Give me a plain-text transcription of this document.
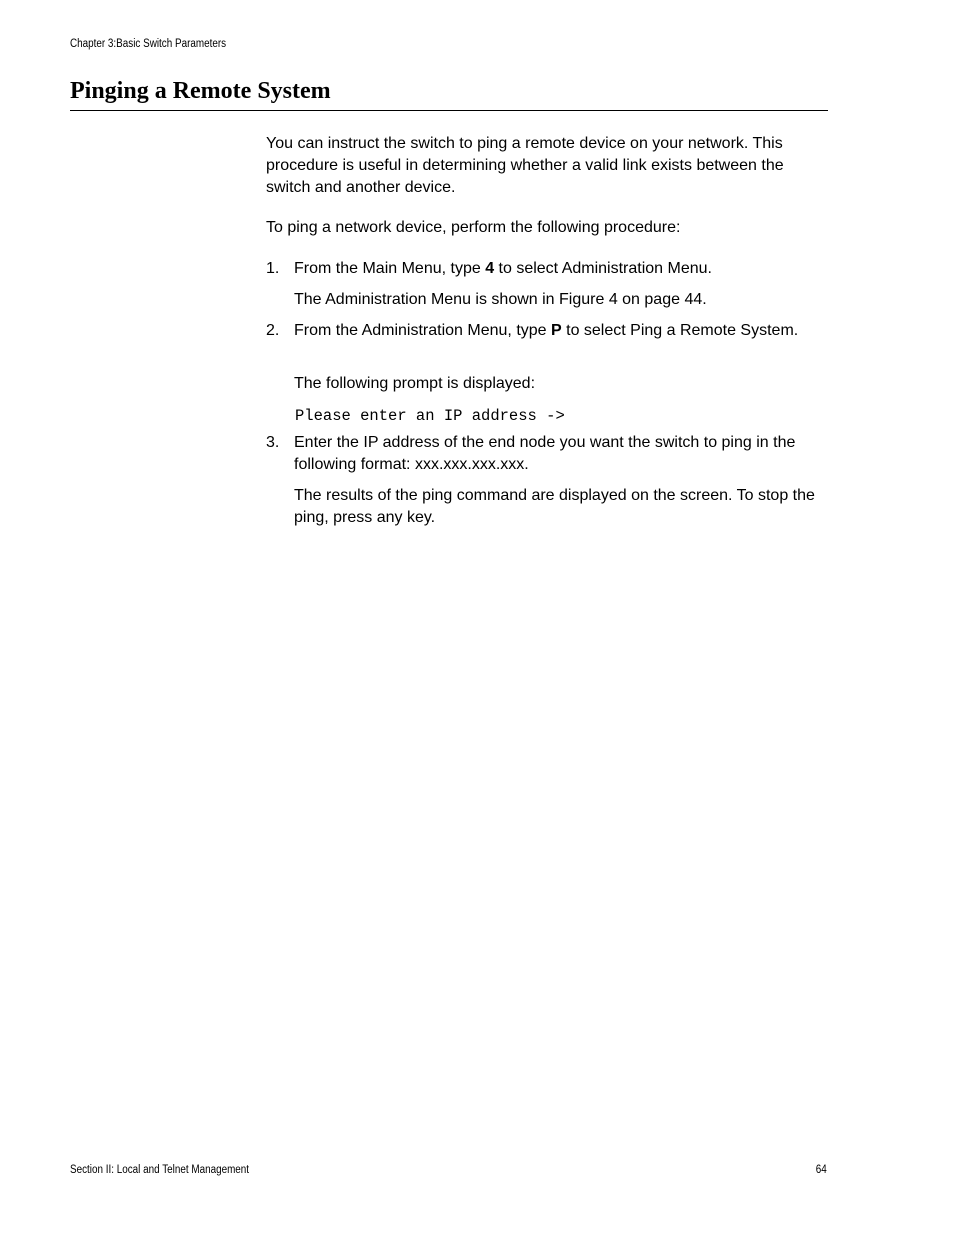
Chapter 3:Basic Switch Parameters
Pinging a Remote System
You can instruct the switch to ping a remote device on your network. This procedure is useful in determining whether a valid link exists between the switch and another device.
To ping a network device, perform the following procedure:
1. From the Main Menu, type 4 to select Administration Menu.
The Administration Menu is shown in Figure 4 on page 44.
2. From the Administration Menu, type P to select Ping a Remote System.
The following prompt is displayed:
Please enter an IP address ->
3. Enter the IP address of the end node you want the switch to ping in the following format: xxx.xxx.xxx.xxx.
The results of the ping command are displayed on the screen. To stop the ping, press any key.
Section II: Local and Telnet Management	64
